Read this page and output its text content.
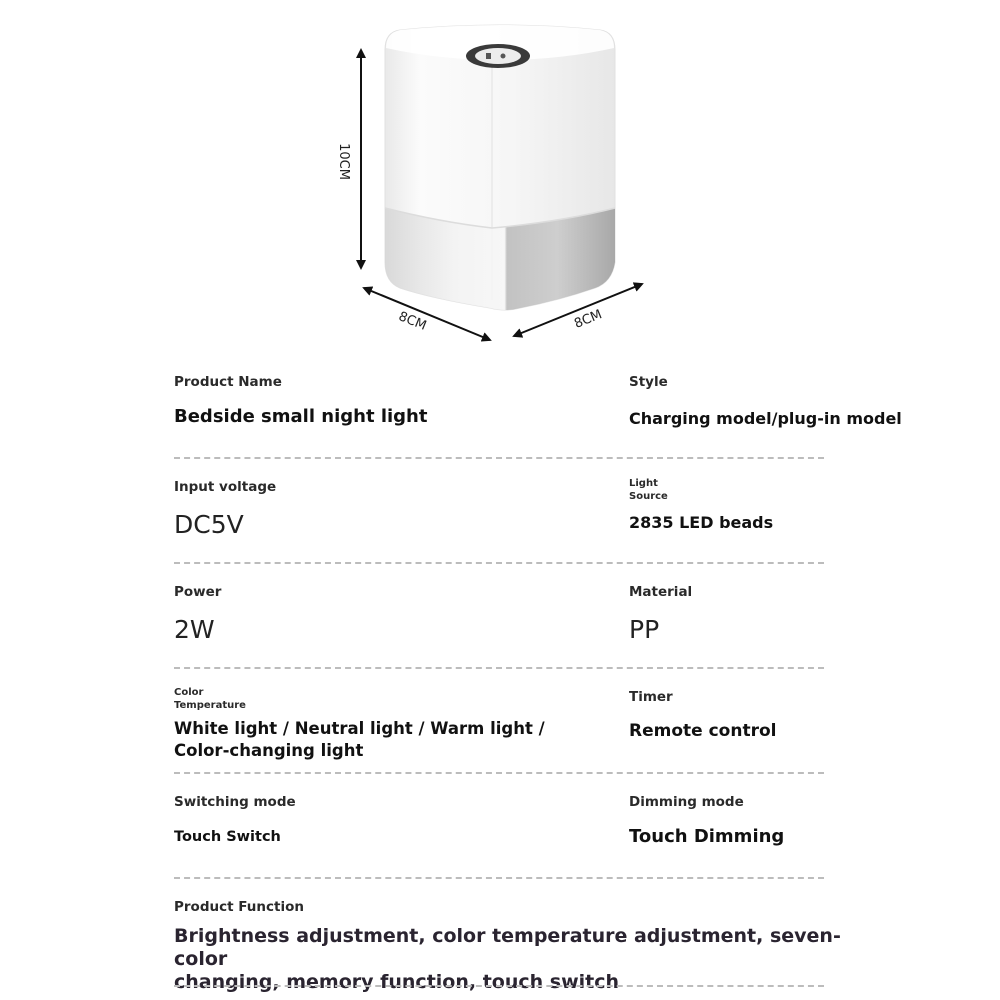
10CM
8CM	8CM
Product Name
Bedside small night light
Style
Charging model/plug-in model
Input voltage
DC5V
Light
Source
2835 LED beads
Power
2W
Material
PP
Color
Temperature
White light / Neutral light / Warm light /
Color-changing light
Timer
Remote control
Switching mode
Touch Switch
Dimming mode
Touch Dimming
Product Function
Brightness adjustment, color temperature adjustment, seven-color
changing, memory function, touch switch
